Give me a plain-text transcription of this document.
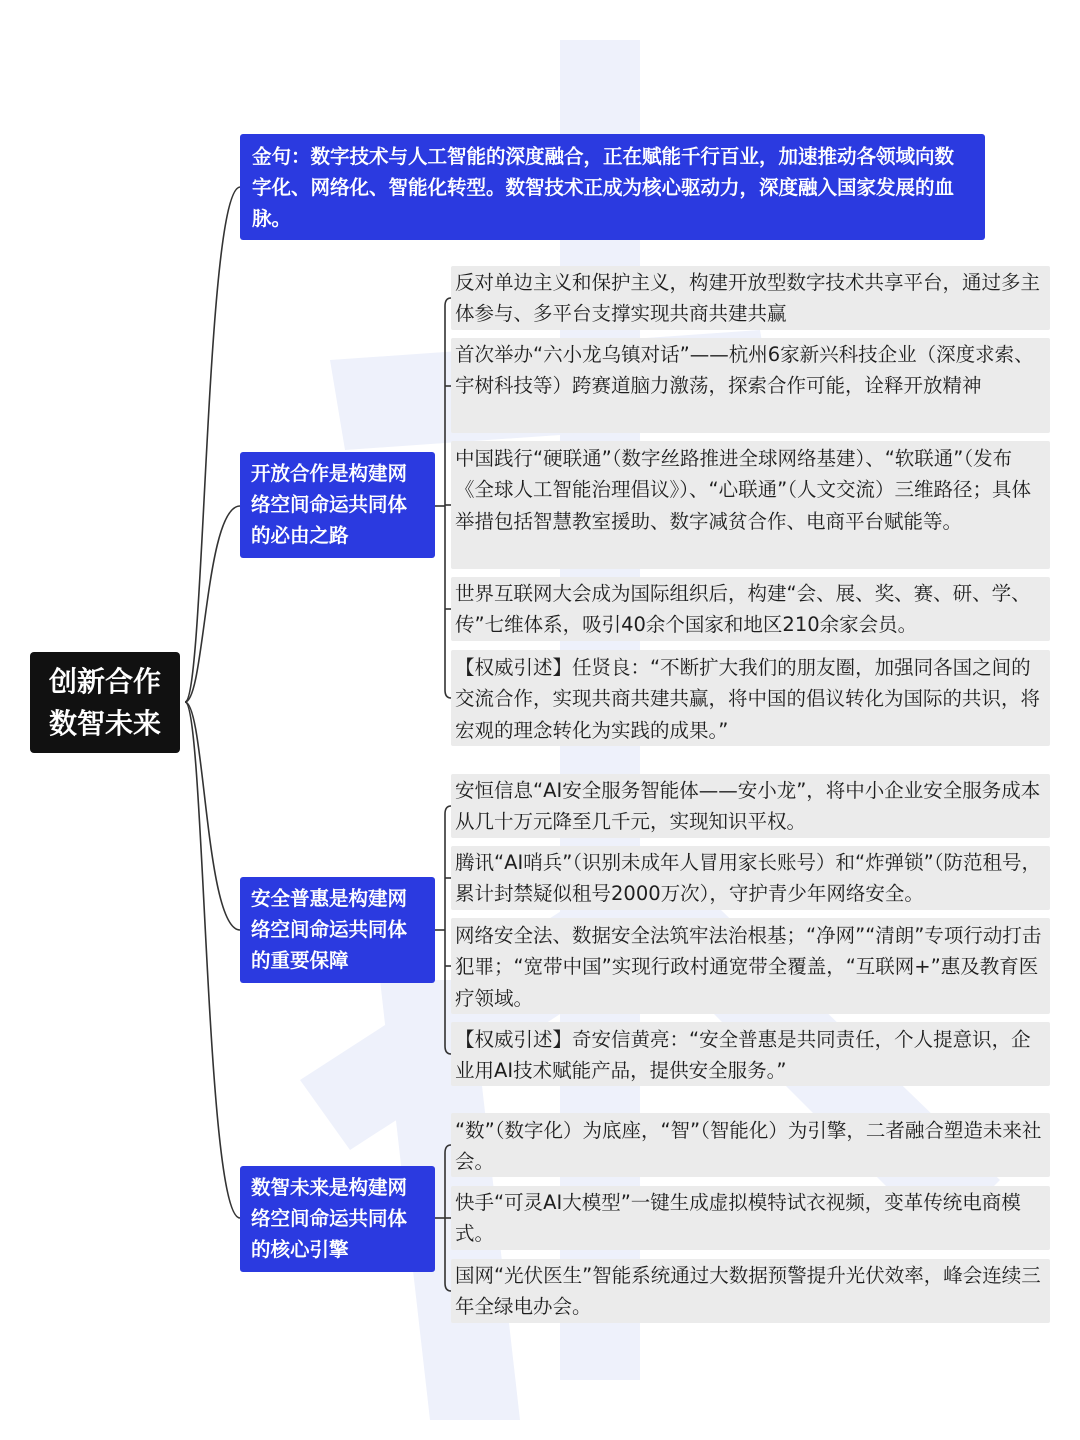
创新合作
数智未来
金句：数字技术与人工智能的深度融合，正在赋能千行百业，加速推动各领域向数字化、网络化、智能化转型。数智技术正成为核心驱动力，深度融入国家发展的血脉。
开放合作是构建网络空间命运共同体的必由之路
反对单边主义和保护主义，构建开放型数字技术共享平台，通过多主体参与、多平台支撑实现共商共建共赢
首次举办“六小龙乌镇对话”——杭州6家新兴科技企业（深度求索、宇树科技等）跨赛道脑力激荡，探索合作可能，诠释开放精神
中国践行“硬联通”（数字丝路推进全球网络基建）、“软联通”（发布《全球人工智能治理倡议》）、“心联通”（人文交流）三维路径；具体举措包括智慧教室援助、数字减贫合作、电商平台赋能等。
世界互联网大会成为国际组织后，构建“会、展、奖、赛、研、学、传”七维体系，吸引40余个国家和地区210余家会员。
【权威引述】任贤良：“不断扩大我们的朋友圈，加强同各国之间的交流合作，实现共商共建共赢，将中国的倡议转化为国际的共识，将宏观的理念转化为实践的成果。”
安全普惠是构建网络空间命运共同体的重要保障
安恒信息“AI安全服务智能体——安小龙”，将中小企业安全服务成本从几十万元降至几千元，实现知识平权。
腾讯“AI哨兵”（识别未成年人冒用家长账号）和“炸弹锁”（防范租号，累计封禁疑似租号2000万次），守护青少年网络安全。
网络安全法、数据安全法筑牢法治根基；“净网”“清朗”专项行动打击犯罪；“宽带中国”实现行政村通宽带全覆盖，“互联网+”惠及教育医疗领域。
【权威引述】奇安信黄亮：“安全普惠是共同责任，个人提意识，企业用AI技术赋能产品，提供安全服务。”
数智未来是构建网络空间命运共同体的核心引擎
“数”（数字化）为底座，“智”（智能化）为引擎，二者融合塑造未来社会。
快手“可灵AI大模型”一键生成虚拟模特试衣视频，变革传统电商模式。
国网“光伏医生”智能系统通过大数据预警提升光伏效率，峰会连续三年全绿电办会。
